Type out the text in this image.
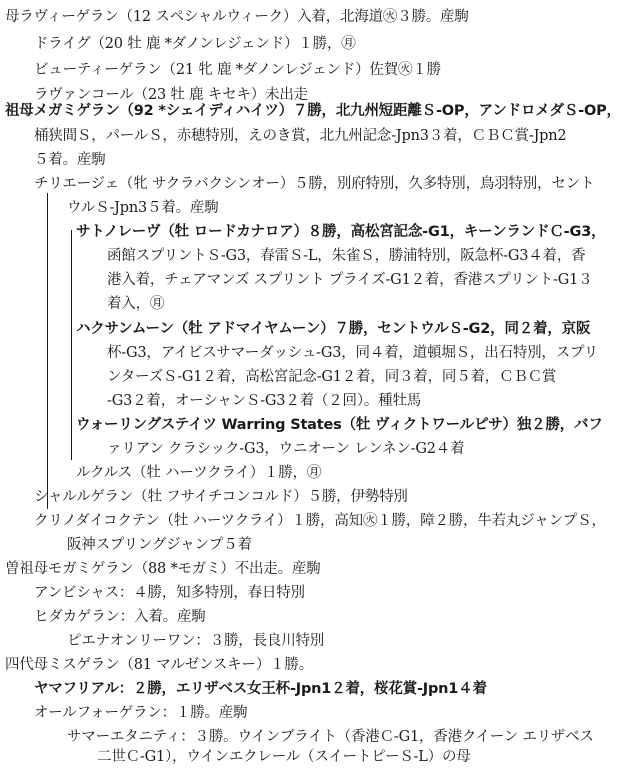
母ラヴィーゲラン（12 スペシャルウィーク）入着，北海道㊋３勝。産駒
ドライグ（20 牡 鹿 *ダノンレジェンド）１勝，㊊
ビューティーゲラン（21 牝 鹿 *ダノンレジェンド）佐賀㊋１勝
ラヴァンコール（23 牡 鹿 キセキ）未出走
祖母メガミゲラン（92 *シェイディハイツ）７勝，北九州短距離Ｓ-OP，アンドロメダＳ-OP，
桶狭間Ｓ，パールＳ，赤穂特別，えのき賞，北九州記念-Jpn3３着，ＣＢＣ賞-Jpn2
５着。産駒
チリエージェ（牝 サクラバクシンオー）５勝，別府特別，久多特別，鳥羽特別，セント
ウルＳ-Jpn3５着。産駒
サトノレーヴ（牡 ロードカナロア）８勝，高松宮記念-G1，キーンランドＣ-G3，
函館スプリントＳ-G3，春雷Ｓ-L，朱雀Ｓ，勝浦特別，阪急杯-G3４着，香
港入着，チェアマンズ スプリント プライズ-G1２着，香港スプリント-G1３
着入，㊊
ハクサンムーン（牡 アドマイヤムーン）７勝，セントウルＳ-G2，同２着，京阪
杯-G3，アイビスサマーダッシュ-G3，同４着，道頓堀Ｓ，出石特別，スプリ
ンターズＳ-G1２着，高松宮記念-G1２着，同３着，同５着，ＣＢＣ賞
-G3２着，オーシャンＳ-G3２着（２回）。種牡馬
ウォーリングステイツ Warring States（牡 ヴィクトワールピサ）独２勝，バフ
ァリアン クラシック-G3，ウニオーン レンネン-G2４着
ルクルス（牡 ハーツクライ）１勝，㊊
シャルルゲラン（牡 フサイチコンコルド）５勝，伊勢特別
クリノダイコクテン（牡 ハーツクライ）１勝，高知㊋１勝，障２勝，牛若丸ジャンプＳ，
阪神スプリングジャンプ５着
曽祖母モガミゲラン（88 *モガミ）不出走。産駒
アンビシャス：４勝，知多特別，春日特別
ヒダカゲラン：入着。産駒
ピエナオンリーワン：３勝，長良川特別
四代母ミスゲラン（81 マルゼンスキー）１勝。
ヤマフリアル：２勝，エリザベス女王杯-Jpn1２着，桜花賞-Jpn1４着
オールフォーゲラン：１勝。産駒
サマーエタニティ：３勝。ウインブライト（香港Ｃ-G1，香港クイーン エリザベス
二世Ｃ-G1），ウインエクレール（スイートピーＳ-L）の母
